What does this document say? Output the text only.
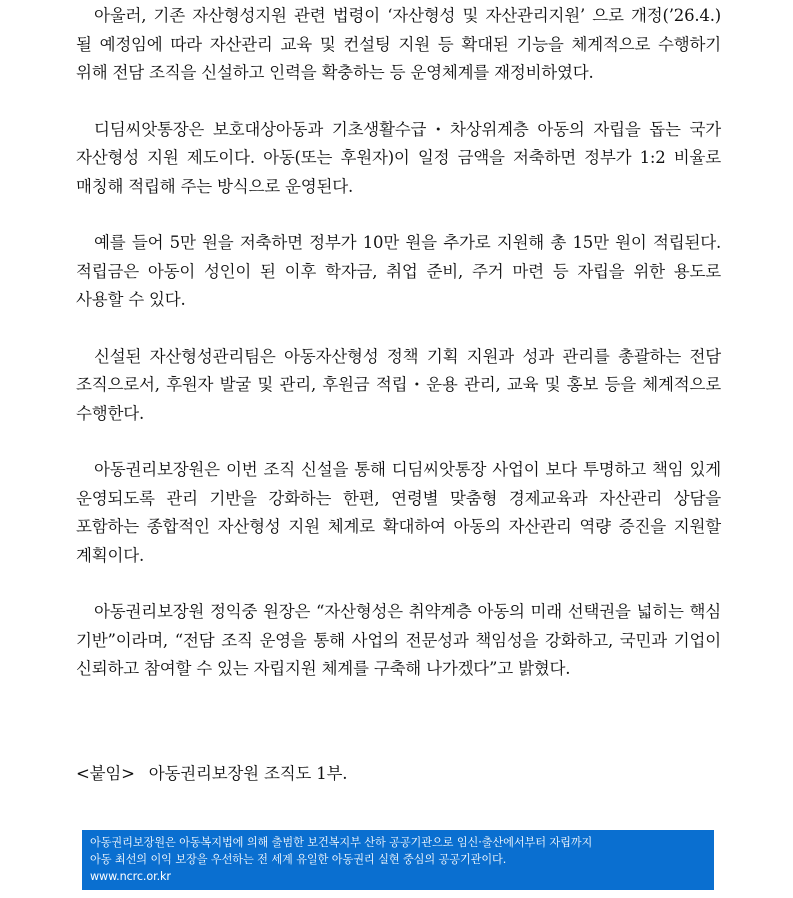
아울러, 기존 자산형성지원 관련 법령이 ‘자산형성 및 자산관리지원’ 으로 개정(’26.4.) 될 예정임에 따라 자산관리 교육 및 컨설팅 지원 등 확대된 기능을 체계적으로 수행하기 위해 전담 조직을 신설하고 인력을 확충하는 등 운영체계를 재정비하였다.

디딤씨앗통장은 보호대상아동과 기초생활수급・차상위계층 아동의 자립을 돕는 국가 자산형성 지원 제도이다. 아동(또는 후원자)이 일정 금액을 저축하면 정부가 1:2 비율로 매칭해 적립해 주는 방식으로 운영된다.

예를 들어 5만 원을 저축하면 정부가 10만 원을 추가로 지원해 총 15만 원이 적립된다. 적립금은 아동이 성인이 된 이후 학자금, 취업 준비, 주거 마련 등 자립을 위한 용도로 사용할 수 있다.

신설된 자산형성관리팀은 아동자산형성 정책 기획 지원과 성과 관리를 총괄하는 전담 조직으로서, 후원자 발굴 및 관리, 후원금 적립・운용 관리, 교육 및 홍보 등을 체계적으로 수행한다.

아동권리보장원은 이번 조직 신설을 통해 디딤씨앗통장 사업이 보다 투명하고 책임 있게 운영되도록 관리 기반을 강화하는 한편, 연령별 맞춤형 경제교육과 자산관리 상담을 포함하는 종합적인 자산형성 지원 체계로 확대하여 아동의 자산관리 역량 증진을 지원할 계획이다.

아동권리보장원 정익중 원장은 “자산형성은 취약계층 아동의 미래 선택권을 넓히는 핵심 기반”이라며, “전담 조직 운영을 통해 사업의 전문성과 책임성을 강화하고, 국민과 기업이 신뢰하고 참여할 수 있는 자립지원 체계를 구축해 나가겠다”고 밝혔다.

<붙임> 아동권리보장원 조직도 1부.
아동권리보장원은 아동복지법에 의해 출범한 보건복지부 산하 공공기관으로 임신·출산에서부터 자립까지
아동 최선의 이익 보장을 우선하는 전 세계 유일한 아동권리 실현 중심의 공공기관이다.
www.ncrc.or.kr
